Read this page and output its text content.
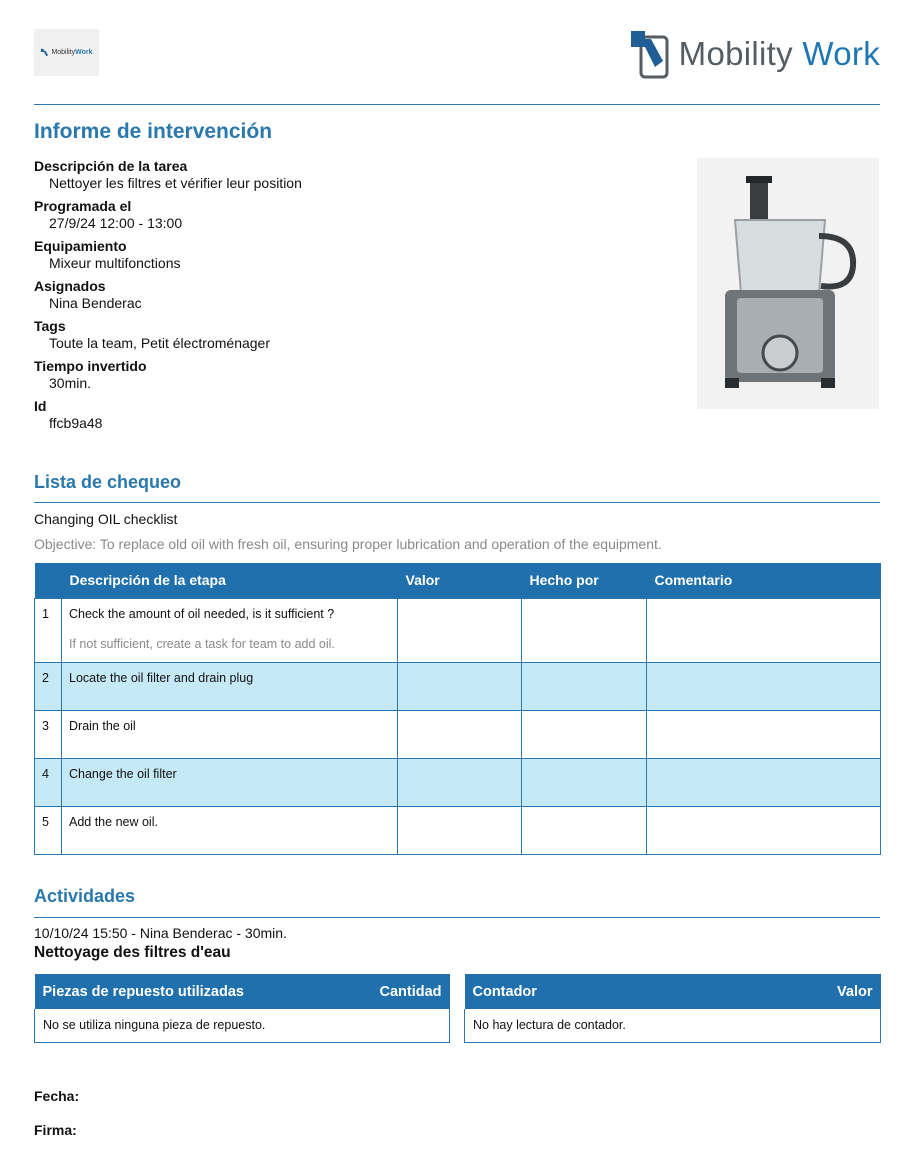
MobilityWork	Mobility Work
Informe de intervención
Descripción de la tarea
Nettoyer les filtres et vérifier leur position
Programada el
27/9/24 12:00 - 13:00
Equipamiento
Mixeur multifonctions
Asignados
Nina Benderac
Tags
Toute la team, Petit électroménager
Tiempo invertido
30min.
Id
ffcb9a48
Lista de chequeo
Changing OIL checklist
Objective: To replace old oil with fresh oil, ensuring proper lubrication and operation of the equipment.
	Descripción de la etapa	Valor	Hecho por	Comentario
1	Check the amount of oil needed, is it sufficient ?
If not sufficient, create a task for team to add oil.			

2	Locate the oil filter and drain plug			
3	Drain the oil			
4	Change the oil filter			
5	Add the new oil.			
Actividades
10/10/24 15:50 - Nina Benderac - 30min.
Nettoyage des filtres d'eau
Piezas de repuesto utilizadas	Cantidad
No se utiliza ninguna pieza de repuesto.	
Contador	Valor
No hay lectura de contador.	
Fecha:
Firma:
